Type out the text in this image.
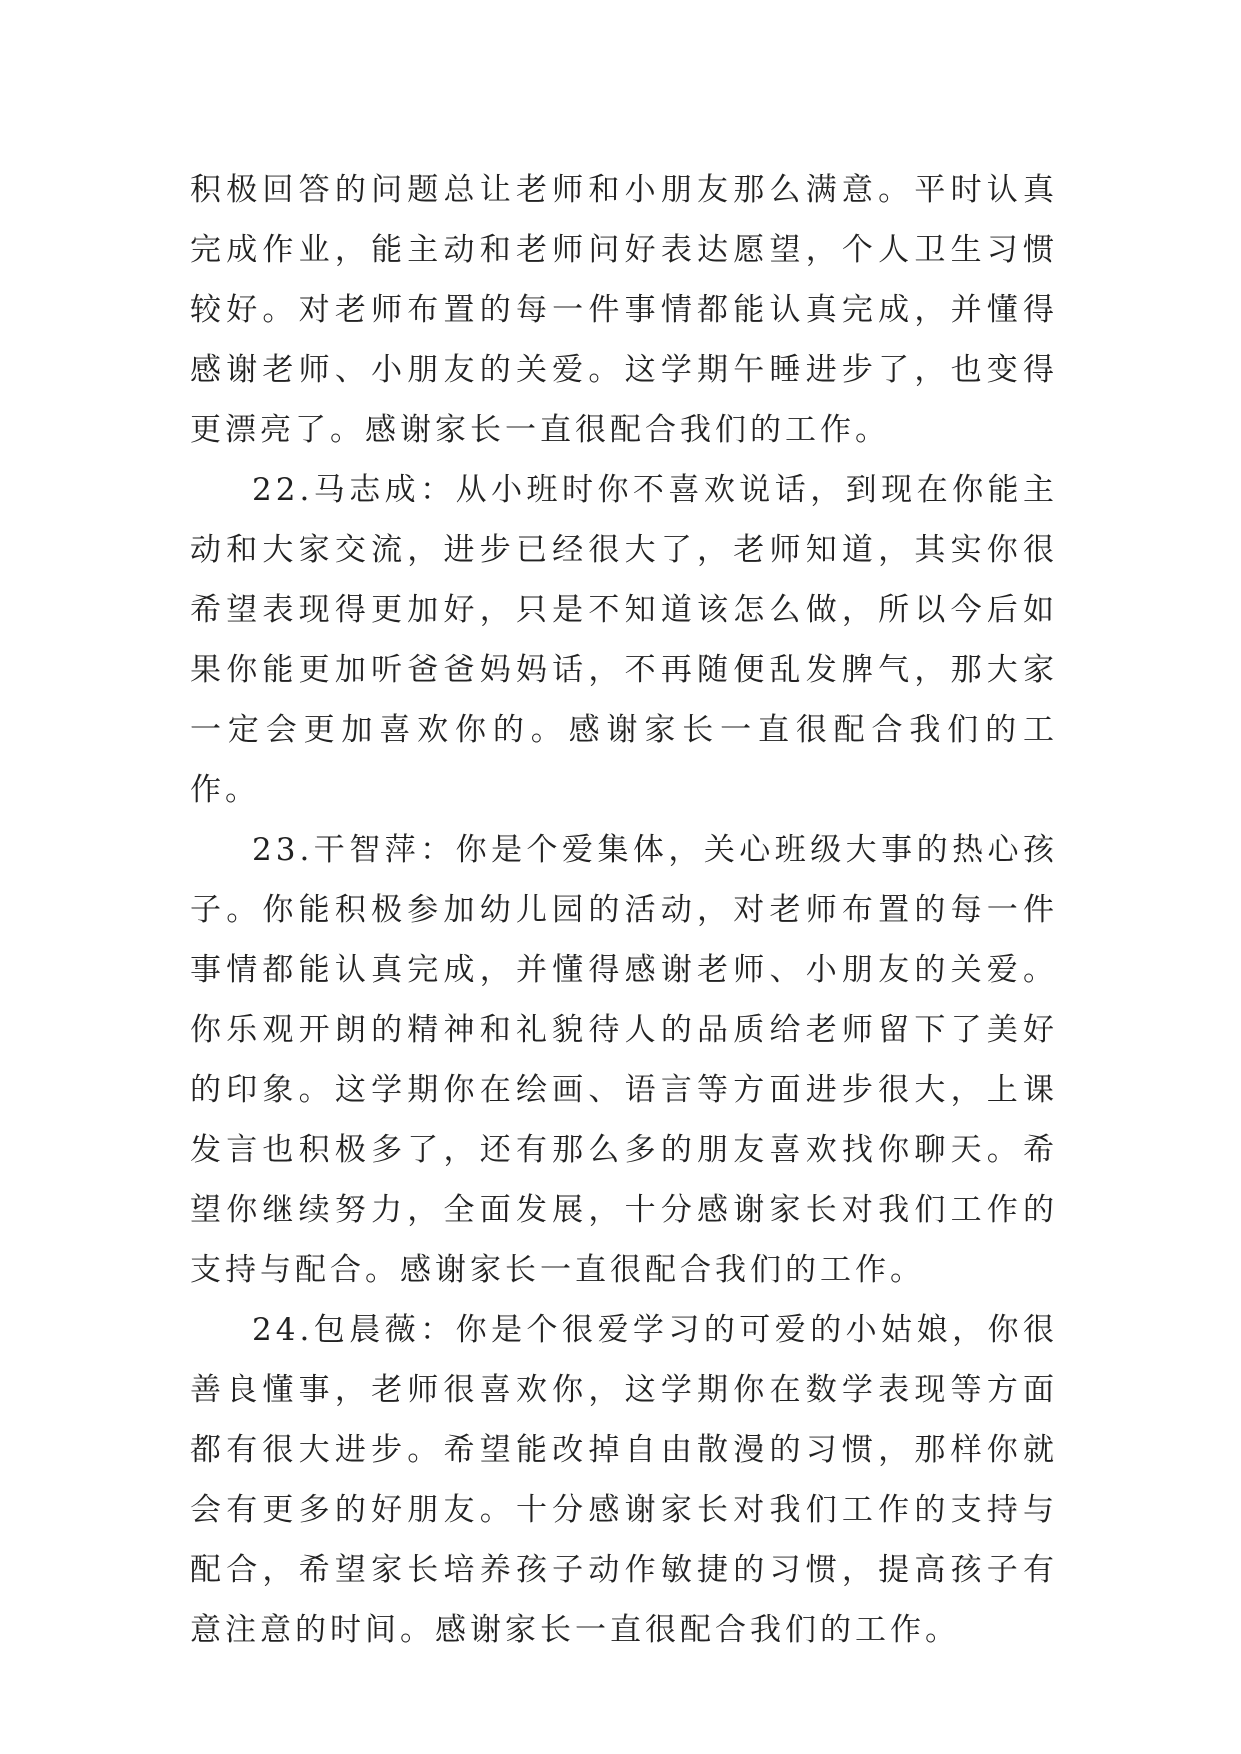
积极回答的问题总让老师和小朋友那么满意。平时认真完成作业，能主动和老师问好表达愿望，个人卫生习惯较好。对老师布置的每一件事情都能认真完成，并懂得感谢老师、小朋友的关爱。这学期午睡进步了，也变得更漂亮了。感谢家长一直很配合我们的工作。

22.马志成：从小班时你不喜欢说话，到现在你能主动和大家交流，进步已经很大了，老师知道，其实你很希望表现得更加好，只是不知道该怎么做，所以今后如果你能更加听爸爸妈妈话，不再随便乱发脾气，那大家一定会更加喜欢你的。感谢家长一直很配合我们的工作。

23.干智萍：你是个爱集体，关心班级大事的热心孩子。你能积极参加幼儿园的活动，对老师布置的每一件事情都能认真完成，并懂得感谢老师、小朋友的关爱。你乐观开朗的精神和礼貌待人的品质给老师留下了美好的印象。这学期你在绘画、语言等方面进步很大，上课发言也积极多了，还有那么多的朋友喜欢找你聊天。希望你继续努力，全面发展，十分感谢家长对我们工作的支持与配合。感谢家长一直很配合我们的工作。

24.包晨薇：你是个很爱学习的可爱的小姑娘，你很善良懂事，老师很喜欢你，这学期你在数学表现等方面都有很大进步。希望能改掉自由散漫的习惯，那样你就会有更多的好朋友。十分感谢家长对我们工作的支持与配合，希望家长培养孩子动作敏捷的习惯，提高孩子有意注意的时间。感谢家长一直很配合我们的工作。
